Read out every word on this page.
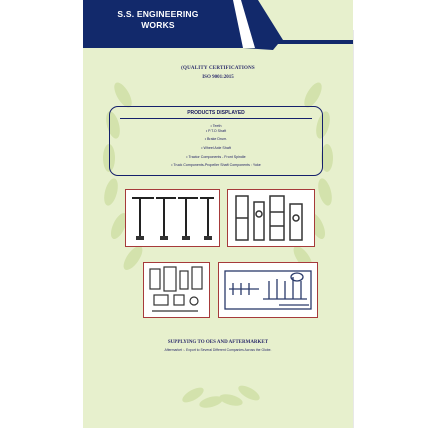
S.S. ENGINEERING
WORKS
(QUALITY CERTIFICATIONS
ISO 9001:2015
PRODUCTS DISPLAYED
• Teeth
• P.T.O Shaft
• Brake Drum.
• Wheel Axle Shaft
• Tractor Components - Front Spindle
• Truck Components-Propeller Shaft Components : Yoke
SUPPLYING TO OES AND AFTERMARKET
Aftermarket :- Export to Several Different Companies Across the Globe.
